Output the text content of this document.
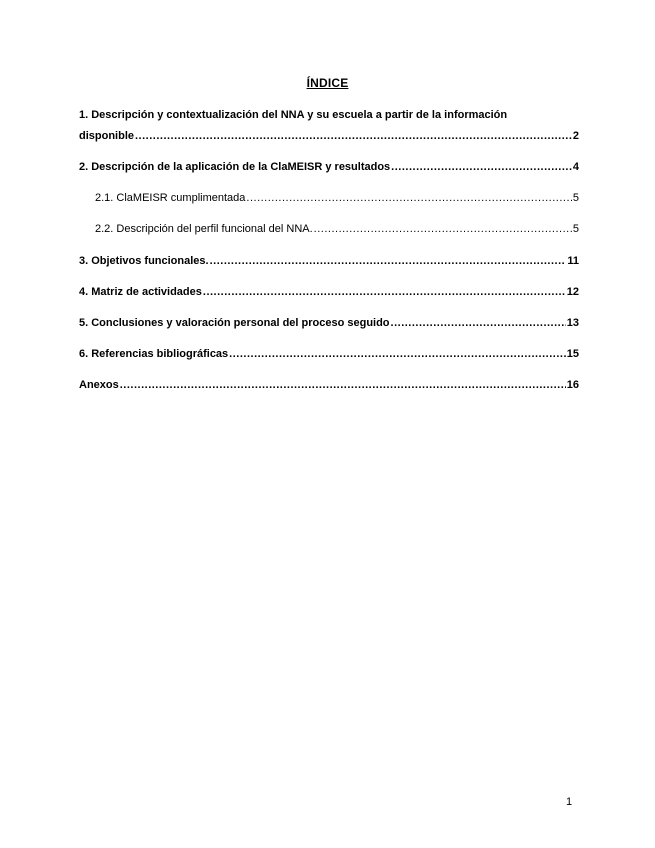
ÍNDICE
1. Descripción y contextualización del NNA y su escuela a partir de la información
disponible .....	2
2. Descripción de la aplicación de la ClaMEISR y resultados .....	4
2.1. ClaMEISR cumplimentada .....	5
2.2. Descripción del perfil funcional del NNA. .....	5
3. Objetivos funcionales. .....	11
4. Matriz de actividades .....	12
5. Conclusiones y valoración personal del proceso seguido .....	13
6. Referencias bibliográficas .....	15
Anexos .....	16
1
